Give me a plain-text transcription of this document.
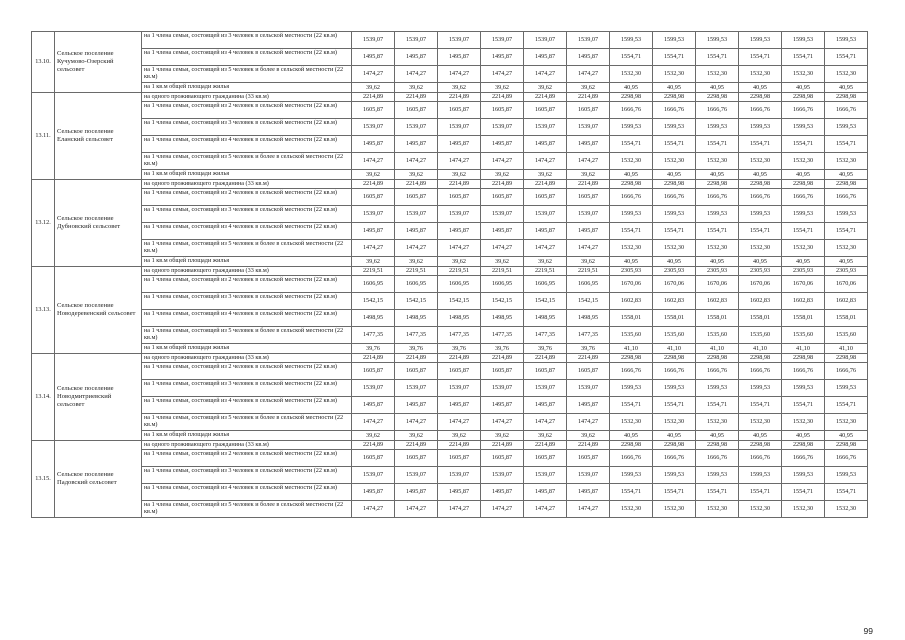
13.10.	Сельское поселение Кучумово-Озерский сельсовет	на 1 члена семьи, состоящей из 3 человек в сельской местности (22 кв.м)	1539,07	1539,07	1539,07	1539,07	1539,07	1539,07	1599,53	1599,53	1599,53	1599,53	1599,53	1599,53
		на 1 члена семьи, состоящей из 4 человек в сельской местности (22 кв.м)	1495,87	1495,87	1495,87	1495,87	1495,87	1495,87	1554,71	1554,71	1554,71	1554,71	1554,71	1554,71
		на 1 члена семьи, состоящей из 5 человек и более в сельской местности (22 кв.м)	1474,27	1474,27	1474,27	1474,27	1474,27	1474,27	1532,30	1532,30	1532,30	1532,30	1532,30	1532,30
		на 1 кв.м общей площади жилья	39,62	39,62	39,62	39,62	39,62	39,62	40,95	40,95	40,95	40,95	40,95	40,95
13.11.	Сельское поселение Еланский сельсовет	на одного проживающего гражданина (33 кв.м)	2214,89	2214,89	2214,89	2214,89	2214,89	2214,89	2298,98	2298,98	2298,98	2298,98	2298,98	2298,98
		на 1 члена семьи, состоящей из 2 человек в сельской местности (22 кв.м)	1605,87	1605,87	1605,87	1605,87	1605,87	1605,87	1666,76	1666,76	1666,76	1666,76	1666,76	1666,76
		на 1 члена семьи, состоящей из 3 человек в сельской местности (22 кв.м)	1539,07	1539,07	1539,07	1539,07	1539,07	1539,07	1599,53	1599,53	1599,53	1599,53	1599,53	1599,53
		на 1 члена семьи, состоящей из 4 человек в сельской местности (22 кв.м)	1495,87	1495,87	1495,87	1495,87	1495,87	1495,87	1554,71	1554,71	1554,71	1554,71	1554,71	1554,71
		на 1 члена семьи, состоящей из 5 человек и более в сельской местности (22 кв.м)	1474,27	1474,27	1474,27	1474,27	1474,27	1474,27	1532,30	1532,30	1532,30	1532,30	1532,30	1532,30
		на 1 кв.м общей площади жилья	39,62	39,62	39,62	39,62	39,62	39,62	40,95	40,95	40,95	40,95	40,95	40,95
13.12.	Сельское поселение Дубновский сельсовет	на одного проживающего гражданина (33 кв.м)	2214,89	2214,89	2214,89	2214,89	2214,89	2214,89	2298,98	2298,98	2298,98	2298,98	2298,98	2298,98
		на 1 члена семьи, состоящей из 2 человек в сельской местности (22 кв.м)	1605,87	1605,87	1605,87	1605,87	1605,87	1605,87	1666,76	1666,76	1666,76	1666,76	1666,76	1666,76
		на 1 члена семьи, состоящей из 3 человек в сельской местности (22 кв.м)	1539,07	1539,07	1539,07	1539,07	1539,07	1539,07	1599,53	1599,53	1599,53	1599,53	1599,53	1599,53
		на 1 члена семьи, состоящей из 4 человек в сельской местности (22 кв.м)	1495,87	1495,87	1495,87	1495,87	1495,87	1495,87	1554,71	1554,71	1554,71	1554,71	1554,71	1554,71
		на 1 члена семьи, состоящей из 5 человек и более в сельской местности (22 кв.м)	1474,27	1474,27	1474,27	1474,27	1474,27	1474,27	1532,30	1532,30	1532,30	1532,30	1532,30	1532,30
		на 1 кв.м общей площади жилья	39,62	39,62	39,62	39,62	39,62	39,62	40,95	40,95	40,95	40,95	40,95	40,95
13.13.	Сельское поселение Новодеревенский сельсовет	на одного проживающего гражданина (33 кв.м)	2219,51	2219,51	2219,51	2219,51	2219,51	2219,51	2305,93	2305,93	2305,93	2305,93	2305,93	2305,93
		на 1 члена семьи, состоящей из 2 человек в сельской местности (22 кв.м)	1606,95	1606,95	1606,95	1606,95	1606,95	1606,95	1670,06	1670,06	1670,06	1670,06	1670,06	1670,06
		на 1 члена семьи, состоящей из 3 человек в сельской местности (22 кв.м)	1542,15	1542,15	1542,15	1542,15	1542,15	1542,15	1602,83	1602,83	1602,83	1602,83	1602,83	1602,83
		на 1 члена семьи, состоящей из 4 человек в сельской местности (22 кв.м)	1498,95	1498,95	1498,95	1498,95	1498,95	1498,95	1558,01	1558,01	1558,01	1558,01	1558,01	1558,01
		на 1 члена семьи, состоящей из 5 человек и более в сельской местности (22 кв.м)	1477,35	1477,35	1477,35	1477,35	1477,35	1477,35	1535,60	1535,60	1535,60	1535,60	1535,60	1535,60
		на 1 кв.м общей площади жилья	39,76	39,76	39,76	39,76	39,76	39,76	41,10	41,10	41,10	41,10	41,10	41,10
13.14.	Сельское поселение Новодмитриевский сельсовет	на одного проживающего гражданина (33 кв.м)	2214,89	2214,89	2214,89	2214,89	2214,89	2214,89	2298,98	2298,98	2298,98	2298,98	2298,98	2298,98
		на 1 члена семьи, состоящей из 2 человек в сельской местности (22 кв.м)	1605,87	1605,87	1605,87	1605,87	1605,87	1605,87	1666,76	1666,76	1666,76	1666,76	1666,76	1666,76
		на 1 члена семьи, состоящей из 3 человек в сельской местности (22 кв.м)	1539,07	1539,07	1539,07	1539,07	1539,07	1539,07	1599,53	1599,53	1599,53	1599,53	1599,53	1599,53
		на 1 члена семьи, состоящей из 4 человек в сельской местности (22 кв.м)	1495,87	1495,87	1495,87	1495,87	1495,87	1495,87	1554,71	1554,71	1554,71	1554,71	1554,71	1554,71
		на 1 члена семьи, состоящей из 5 человек и более в сельской местности (22 кв.м)	1474,27	1474,27	1474,27	1474,27	1474,27	1474,27	1532,30	1532,30	1532,30	1532,30	1532,30	1532,30
		на 1 кв.м общей площади жилья	39,62	39,62	39,62	39,62	39,62	39,62	40,95	40,95	40,95	40,95	40,95	40,95
13.15.	Сельское поселение Падовский сельсовет	на одного проживающего гражданина (33 кв.м)	2214,89	2214,89	2214,89	2214,89	2214,89	2214,89	2298,98	2298,98	2298,98	2298,98	2298,98	2298,98
		на 1 члена семьи, состоящей из 2 человек в сельской местности (22 кв.м)	1605,87	1605,87	1605,87	1605,87	1605,87	1605,87	1666,76	1666,76	1666,76	1666,76	1666,76	1666,76
		на 1 члена семьи, состоящей из 3 человек в сельской местности (22 кв.м)	1539,07	1539,07	1539,07	1539,07	1539,07	1539,07	1599,53	1599,53	1599,53	1599,53	1599,53	1599,53
		на 1 члена семьи, состоящей из 4 человек в сельской местности (22 кв.м)	1495,87	1495,87	1495,87	1495,87	1495,87	1495,87	1554,71	1554,71	1554,71	1554,71	1554,71	1554,71
		на 1 члена семьи, состоящей из 5 человек и более в сельской местности (22 кв.м)	1474,27	1474,27	1474,27	1474,27	1474,27	1474,27	1532,30	1532,30	1532,30	1532,30	1532,30	1532,30
99
